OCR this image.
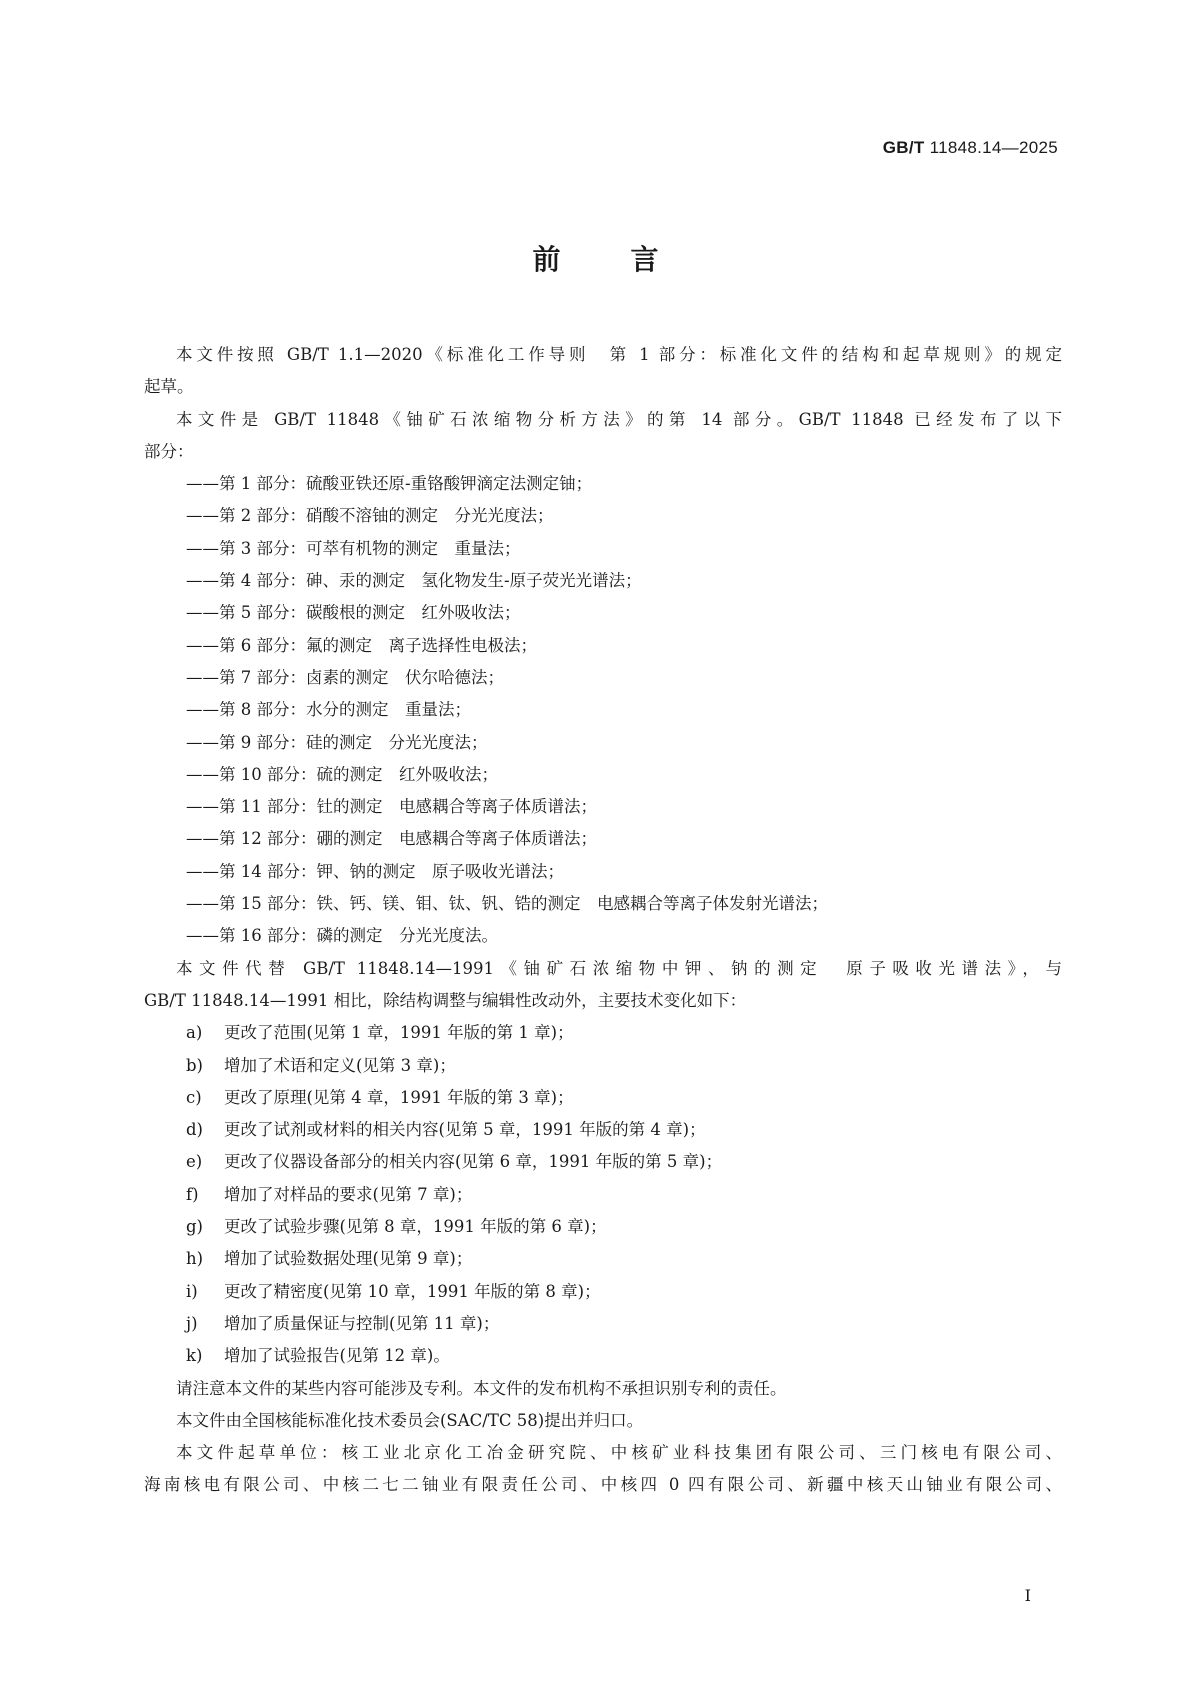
GB/T 11848.14—2025
前言
本文件按照 GB/T 1.1—2020《标准化工作导则　第 1 部分：标准化文件的结构和起草规则》的规定
起草。
本文件是 GB/T 11848《铀矿石浓缩物分析方法》的第 14 部分。GB/T 11848 已经发布了以下
部分：
——第 1 部分：硫酸亚铁还原-重铬酸钾滴定法测定铀；
——第 2 部分：硝酸不溶铀的测定　分光光度法；
——第 3 部分：可萃有机物的测定　重量法；
——第 4 部分：砷、汞的测定　氢化物发生-原子荧光光谱法；
——第 5 部分：碳酸根的测定　红外吸收法；
——第 6 部分：氟的测定　离子选择性电极法；
——第 7 部分：卤素的测定　伏尔哈德法；
——第 8 部分：水分的测定　重量法；
——第 9 部分：硅的测定　分光光度法；
——第 10 部分：硫的测定　红外吸收法；
——第 11 部分：钍的测定　电感耦合等离子体质谱法；
——第 12 部分：硼的测定　电感耦合等离子体质谱法；
——第 14 部分：钾、钠的测定　原子吸收光谱法；
——第 15 部分：铁、钙、镁、钼、钛、钒、锆的测定　电感耦合等离子体发射光谱法；
——第 16 部分：磷的测定　分光光度法。
本文件代替 GB/T 11848.14—1991《铀矿石浓缩物中钾、钠的测定　原子吸收光谱法》，与
GB/T 11848.14—1991 相比，除结构调整与编辑性改动外，主要技术变化如下：
a) 更改了范围(见第 1 章，1991 年版的第 1 章)；
b) 增加了术语和定义(见第 3 章)；
c) 更改了原理(见第 4 章，1991 年版的第 3 章)；
d) 更改了试剂或材料的相关内容(见第 5 章，1991 年版的第 4 章)；
e) 更改了仪器设备部分的相关内容(见第 6 章，1991 年版的第 5 章)；
f) 增加了对样品的要求(见第 7 章)；
g) 更改了试验步骤(见第 8 章，1991 年版的第 6 章)；
h) 增加了试验数据处理(见第 9 章)；
i) 更改了精密度(见第 10 章，1991 年版的第 8 章)；
j) 增加了质量保证与控制(见第 11 章)；
k) 增加了试验报告(见第 12 章)。
请注意本文件的某些内容可能涉及专利。本文件的发布机构不承担识别专利的责任。
本文件由全国核能标准化技术委员会(SAC/TC 58)提出并归口。
本文件起草单位：核工业北京化工冶金研究院、中核矿业科技集团有限公司、三门核电有限公司、
海南核电有限公司、中核二七二铀业有限责任公司、中核四 0 四有限公司、新疆中核天山铀业有限公司、
I
